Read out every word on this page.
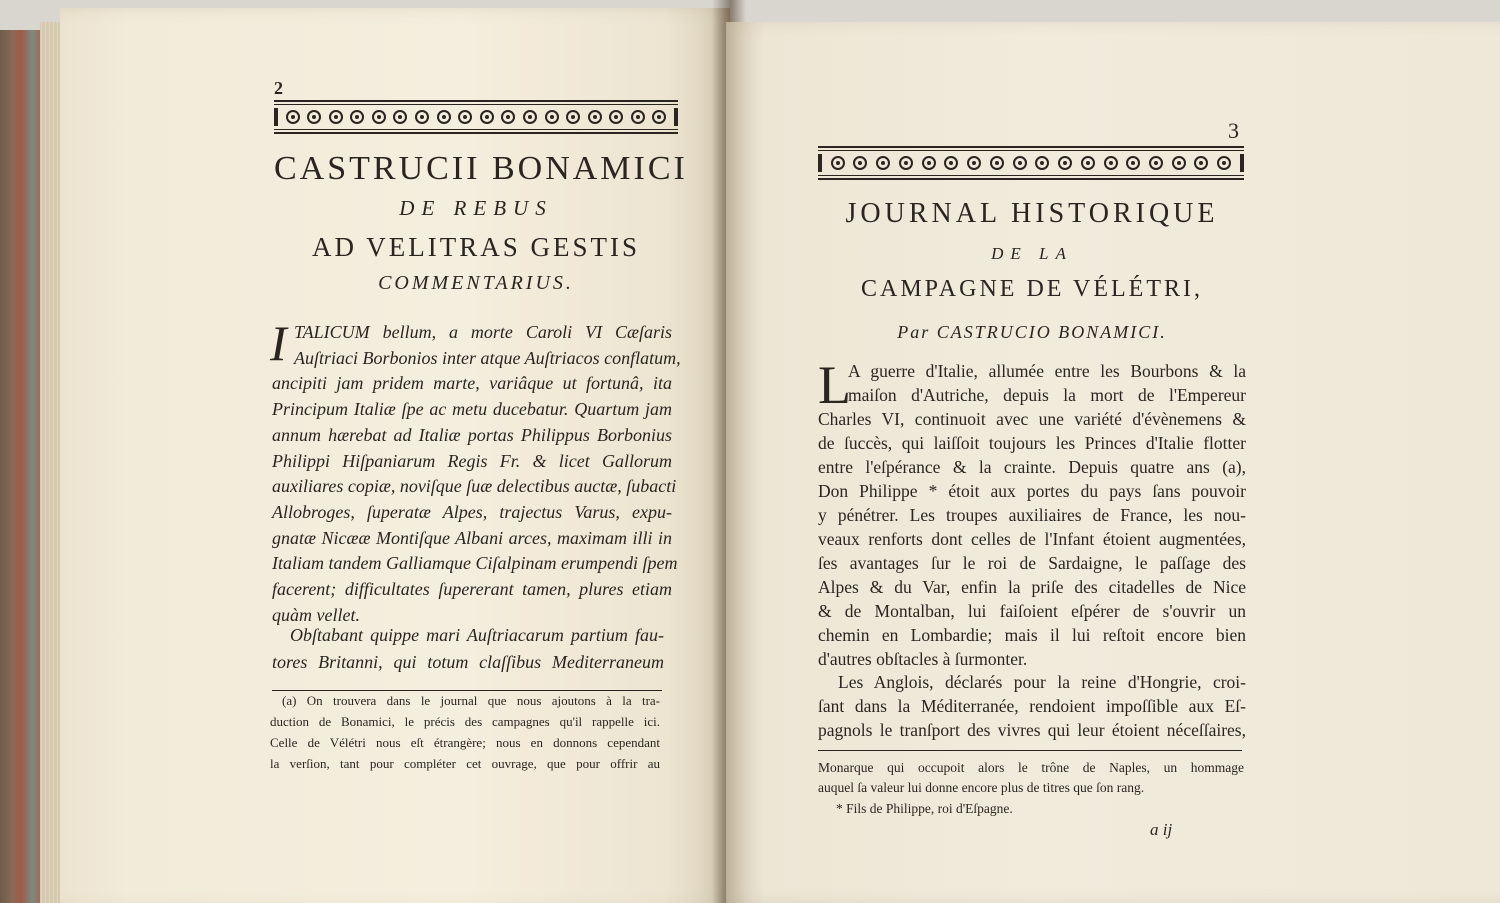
2
CASTRUCII BONAMICI
DE REBUS
AD VELITRAS GESTIS
COMMENTARIUS.
I TALICUM bellum, a morte Caroli VI Cæſaris
Auſtriaci Borbonios inter atque Auſtriacos conflatum,
ancipiti jam pridem marte, variâque ut fortunâ, ita
Principum Italiæ ſpe ac metu ducebatur. Quartum jam
annum hærebat ad Italiæ portas Philippus Borbonius
Philippi Hiſpaniarum Regis Fr. & licet Gallorum
auxiliares copiæ, noviſque ſuæ delectibus auctæ, ſubacti
Allobroges, ſuperatæ Alpes, trajectus Varus, expu-
gnatæ Nicææ Montiſque Albani arces, maximam illi in
Italiam tandem Galliamque Ciſalpinam erumpendi ſpem
facerent; difficultates ſupererant tamen, plures etiam
quàm vellet.
Obſtabant quippe mari Auſtriacarum partium fau-
tores Britanni, qui totum claſſibus Mediterraneum
(a) On trouvera dans le journal que nous ajoutons à la tra-
duction de Bonamici, le précis des campagnes qu'il rappelle ici.
Celle de Vélétri nous eſt étrangère; nous en donnons cependant
la verſion, tant pour compléter cet ouvrage, que pour offrir au
3
JOURNAL HISTORIQUE
DE LA
CAMPAGNE DE VÉLÉTRI,
Par CASTRUCIO BONAMICI.
L
A guerre d'Italie, allumée entre les Bourbons & la
maiſon d'Autriche, depuis la mort de l'Empereur
Charles VI, continuoit avec une variété d'évènemens &
de ſuccès, qui laiſſoit toujours les Princes d'Italie flotter
entre l'eſpérance & la crainte. Depuis quatre ans (a),
Don Philippe * étoit aux portes du pays ſans pouvoir
y pénétrer. Les troupes auxiliaires de France, les nou-
veaux renforts dont celles de l'Infant étoient augmentées,
ſes avantages ſur le roi de Sardaigne, le paſſage des
Alpes & du Var, enfin la priſe des citadelles de Nice
& de Montalban, lui faiſoient eſpérer de s'ouvrir un
chemin en Lombardie; mais il lui reſtoit encore bien
d'autres obſtacles à ſurmonter.
Les Anglois, déclarés pour la reine d'Hongrie, croi-
ſant dans la Méditerranée, rendoient impoſſible aux Eſ-
pagnols le tranſport des vivres qui leur étoient néceſſaires,
Monarque qui occupoit alors le trône de Naples, un hommage
auquel ſa valeur lui donne encore plus de titres que ſon rang.
* Fils de Philippe, roi d'Eſpagne.
a ij
